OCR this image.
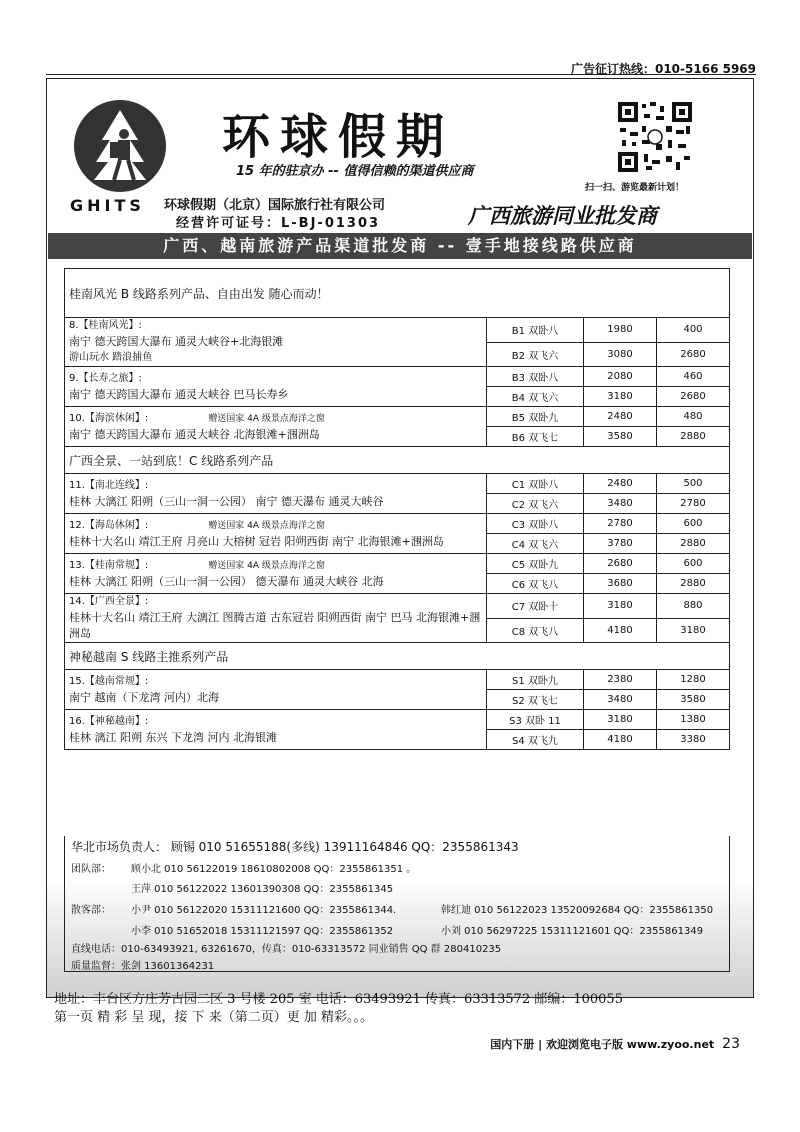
广告征订热线：010-5166 5969
GHITS
环球假期
15 年的驻京办 -- 值得信赖的渠道供应商
环球假期（北京）国际旅行社有限公司
经营许可证号：L-BJ-01303	广西旅游同业批发商
扫一扫、游览最新计划！
广西、越南旅游产品渠道批发商 -- 壹手地接线路供应商
桂南风光 B 线路系列产品、自由出发 随心而动！			

8.【桂南风光】:
南宁 德天跨国大瀑布 通灵大峡谷+北海银滩
游山玩水 踏浪捕鱼	B1 双卧八	1980	400
	B2 双飞六	3080	2680

9.【长寿之旅】:
南宁 德天跨国大瀑布 通灵大峡谷 巴马长寿乡	B3 双卧八	2080	460
	B4 双飞六	3180	2680

10.【海滨休闲】: 赠送国家 4A 级景点海洋之窗
南宁 德天跨国大瀑布 通灵大峡谷 北海银滩+涠洲岛	B5 双卧九	2480	480
	B6 双飞七	3580	2880
广西全景、一站到底！C 线路系列产品			

11.【南北连线】:
桂林 大漓江 阳朔（三山一洞一公园） 南宁 德天瀑布 通灵大峡谷	C1 双卧八	2480	500
	C2 双飞六	3480	2780

12.【海岛休闲】: 赠送国家 4A 级景点海洋之窗
桂林十大名山 靖江王府 月亮山 大榕树 冠岩 阳朔西街 南宁 北海银滩+涠洲岛	C3 双卧八	2780	600
	C4 双飞六	3780	2880

13.【桂南常规】: 赠送国家 4A 级景点海洋之窗
桂林 大漓江 阳朔（三山一洞一公园） 德天瀑布 通灵大峡谷 北海	C5 双卧九	2680	600
	C6 双飞八	3680	2880

14.【广西全景】:
桂林十大名山 靖江王府 大漓江 图腾古道 古东冠岩 阳朔西街 南宁 巴马 北海银滩+涠洲岛	C7 双卧十	3180	880
	C8 双飞八	4180	3180
神秘越南 S 线路主推系列产品			

15.【越南常规】:
南宁 越南（下龙湾 河内）北海	S1 双卧九	2380	1280
	S2 双飞七	3480	3580

16.【神秘越南】:
桂林 漓江 阳朔 东兴 下龙湾 河内 北海银滩	S3 双卧 11	3180	1380
	S4 双飞九	4180	3380
华北市场负责人： 顾锡 010 51655188(多线) 13911164846 QQ：2355861343
团队部： 顾小北 010 56122019 18610802008 QQ：2355861351 。
王萍 010 56122022 13601390308 QQ：2355861345
散客部： 小尹 010 56122020 15311121600 QQ：2355861344.	韩红迪 010 56122023 13520092684 QQ：2355861350
小李 010 51652018 15311121597 QQ：2355861352	小刘 010 56297225 15311121601 QQ：2355861349
直线电话：010-63493921, 63261670，传真：010-63313572 同业销售 QQ 群 280410235
质量监督：张剑 13601364231
地址：丰台区方庄芳古园二区 3 号楼 205 室 电话：63493921 传真：63313572 邮编：100055
第一页 精 彩 呈 现，接 下 来（第二页）更 加 精彩。。。
国内下册 | 欢迎浏览电子版 www.zyoo.net 23
